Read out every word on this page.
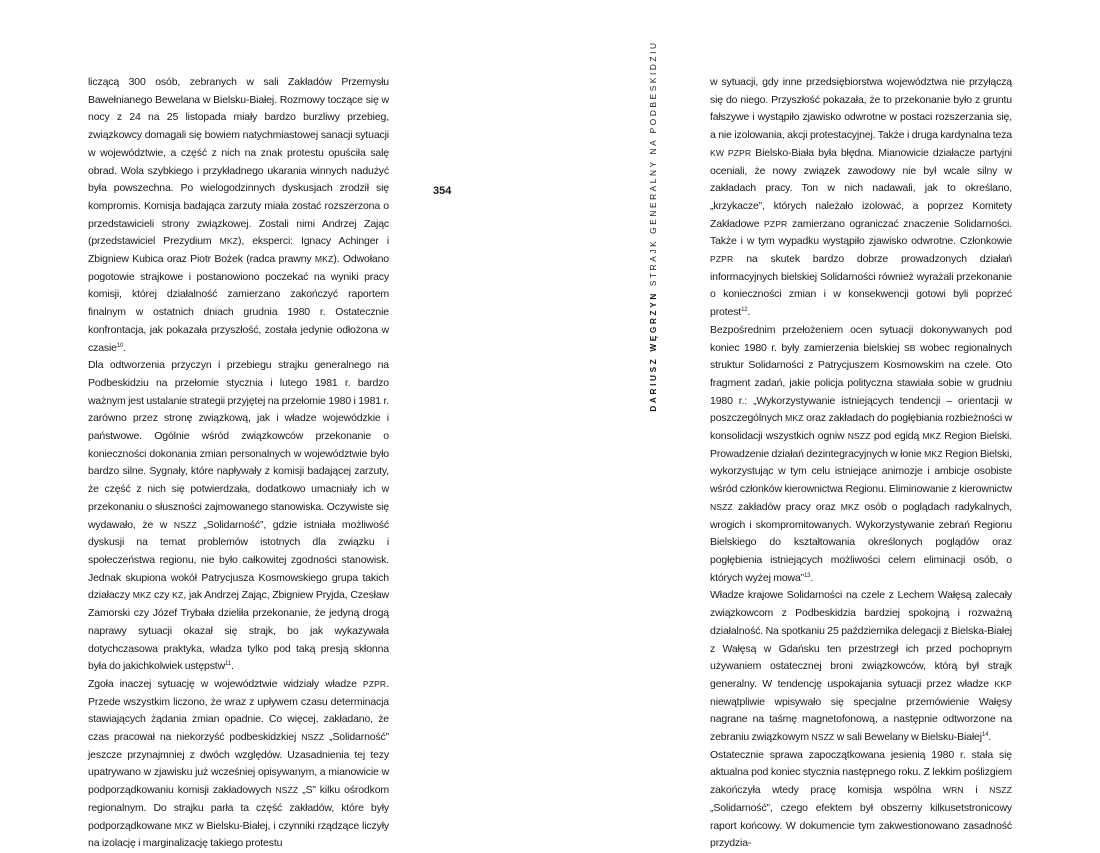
liczącą 300 osób, zebranych w sali Zakładów Przemysłu Bawełnianego Bewelana w Bielsku-Białej. Rozmowy toczące się w nocy z 24 na 25 listopada miały bardzo burzliwy przebieg, związkowcy domagali się bowiem natychmiastowej sanacji sytuacji w województwie, a część z nich na znak protestu opuściła salę obrad. Wola szybkiego i przykładnego ukarania winnych nadużyć była powszechna. Po wielogodzinnych dyskusjach zrodził się kompromis. Komisja badająca zarzuty miała zostać rozszerzona o przedstawicieli strony związkowej. Zostali nimi Andrzej Zając (przedstawiciel Prezydium MKZ), eksperci: Ignacy Achinger i Zbigniew Kubica oraz Piotr Bożek (radca prawny MKZ). Odwołano pogotowie strajkowe i postanowiono poczekać na wyniki pracy komisji, której działalność zamierzano zakończyć raportem finalnym w ostatnich dniach grudnia 1980 r. Ostatecznie konfrontacja, jak pokazała przyszłość, została jedynie odłożona w czasie$^{10}$.

Dla odtworzenia przyczyn i przebiegu strajku generalnego na Podbeskidziu na przełomie stycznia i lutego 1981 r. bardzo ważnym jest ustalanie strategii przyjętej na przełomie 1980 i 1981 r. zarówno przez stronę związkową, jak i władze wojewódzkie i państwowe. Ogólnie wśród związkowców przekonanie o konieczności dokonania zmian personalnych w województwie było bardzo silne. Sygnały, które napływały z komisji badającej zarzuty, że część z nich się potwierdzała, dodatkowo umacniały ich w przekonaniu o słuszności zajmowanego stanowiska. Oczywiste się wydawało, że w NSZZ „Solidarność”, gdzie istniała możliwość dyskusji na temat problemów istotnych dla związku i społeczeństwa regionu, nie było całkowitej zgodności stanowisk. Jednak skupiona wokół Patrycjusza Kosmowskiego grupa takich działaczy MKZ czy KZ, jak Andrzej Zając, Zbigniew Pryjda, Czesław Zamorski czy Józef Trybała dzieliła przekonanie, że jedyną drogą naprawy sytuacji okazał się strajk, bo jak wykazywała dotychczasowa praktyka, władza tylko pod taką presją skłonna była do jakichkolwiek ustępstw$^{11}$.

Zgoła inaczej sytuację w województwie widziały władze PZPR. Przede wszystkim liczono, że wraz z upływem czasu determinacja stawiających żądania zmian opadnie. Co więcej, zakładano, że czas pracował na niekorzyść podbeskidzkiej NSZZ „Solidarność” jeszcze przynajmniej z dwóch względów. Uzasadnienia tej tezy upatrywano w zjawisku już wcześniej opisywanym, a mianowicie w podporządkowaniu komisji zakładowych NSZZ „S” kilku ośrodkom regionalnym. Do strajku parła ta część zakładów, które były podporządkowane MKZ w Bielsku-Białej, i czynniki rządzące liczyły na izolację i marginalizację takiego protestu

354
DARIUSZ WĘGRZYN STRAJK GENERALNY NA PODBESKIDZIU	w sytuacji, gdy inne przedsiębiorstwa województwa nie przyłączą się do niego. Przyszłość pokazała, że to przekonanie było z gruntu fałszywe i wystąpiło zjawisko odwrotne w postaci rozszerzania się, a nie izolowania, akcji protestacyjnej. Także i druga kardynalna teza KW PZPR Bielsko-Biała była błędna. Mianowicie działacze partyjni oceniali, że nowy związek zawodowy nie był wcale silny w zakładach pracy. Ton w nich nadawali, jak to określano, „krzykacze”, których należało izolować, a poprzez Komitety Zakładowe PZPR zamierzano ograniczać znaczenie Solidarności. Także i w tym wypadku wystąpiło zjawisko odwrotne. Członkowie PZPR na skutek bardzo dobrze prowadzonych działań informacyjnych bielskiej Solidarności również wyrażali przekonanie o konieczności zmian i w konsekwencji gotowi byli poprzeć protest$^{12}$.

Bezpośrednim przełożeniem ocen sytuacji dokonywanych pod koniec 1980 r. były zamierzenia bielskiej SB wobec regionalnych struktur Solidarności z Patrycjuszem Kosmowskim na czele. Oto fragment zadań, jakie policja polityczna stawiała sobie w grudniu 1980 r.: „Wykorzystywanie istniejących tendencji – orientacji w poszczególnych MKZ oraz zakładach do pogłębiania rozbieżności w konsolidacji wszystkich ogniw NSZZ pod egidą MKZ Region Bielski. Prowadzenie działań dezintegracyjnych w łonie MKZ Region Bielski, wykorzystując w tym celu istniejące animozje i ambicje osobiste wśród członków kierownictwa Regionu. Eliminowanie z kierownictw NSZZ zakładów pracy oraz MKZ osób o poglądach radykalnych, wrogich i skompromitowanych. Wykorzystywanie zebrań Regionu Bielskiego do kształtowania określonych poglądów oraz pogłębienia istniejących możliwości celem eliminacji osób, o których wyżej mowa”$^{13}$.

Władze krajowe Solidarności na czele z Lechem Wałęsą zalecały związkowcom z Podbeskidzia bardziej spokojną i rozważną działalność. Na spotkaniu 25 października delegacji z Bielska-Białej z Wałęsą w Gdańsku ten przestrzegł ich przed pochopnym używaniem ostatecznej broni związkowców, którą był strajk generalny. W tendencję uspokajania sytuacji przez władze KKP niewątpliwie wpisywało się specjalne przemówienie Wałęsy nagrane na taśmę magnetofonową, a następnie odtworzone na zebraniu związkowym NSZZ w sali Bewelany w Bielsku-Białej$^{14}$.

Ostatecznie sprawa zapoczątkowana jesienią 1980 r. stała się aktualna pod koniec stycznia następnego roku. Z lekkim poślizgiem zakończyła wtedy pracę komisja wspólna WRN i NSZZ „Solidarność”, czego efektem był obszerny kilkusetstronicowy raport końcowy. W dokumencie tym zakwestionowano zasadność przydzia-
